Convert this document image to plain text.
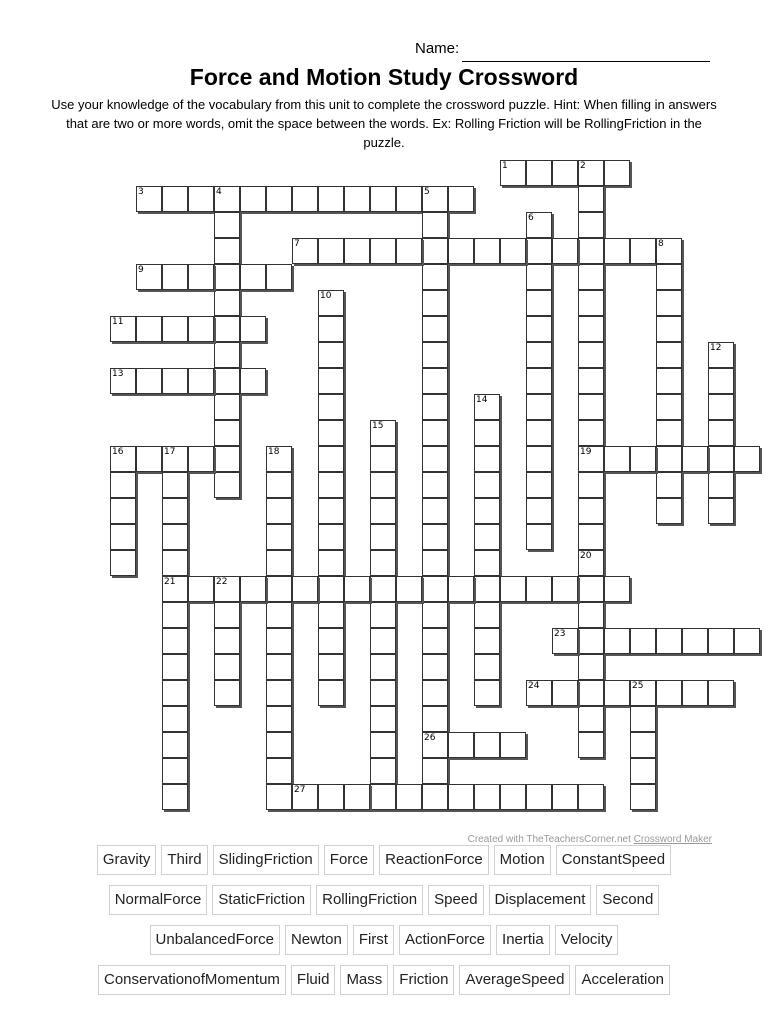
Name:
Force and Motion Study Crossword
Use your knowledge of the vocabulary from this unit to complete the crossword puzzle. Hint: When filling in answers that are two or more words, omit the space between the words. Ex: Rolling Friction will be RollingFriction in the puzzle.
1	2
19
3	4	5
26
6
7	8
9
10
11
12
13
14
15
16	17
21
18
20
22
23
24	25
27
Created with TheTeachersCorner.net Crossword Maker
Gravity	Third	SlidingFriction	Force	ReactionForce	Motion	ConstantSpeed
NormalForce	StaticFriction	RollingFriction	Speed	Displacement	Second
UnbalancedForce	Newton	First	ActionForce	Inertia	Velocity
ConservationofMomentum	Fluid	Mass	Friction	AverageSpeed	Acceleration
